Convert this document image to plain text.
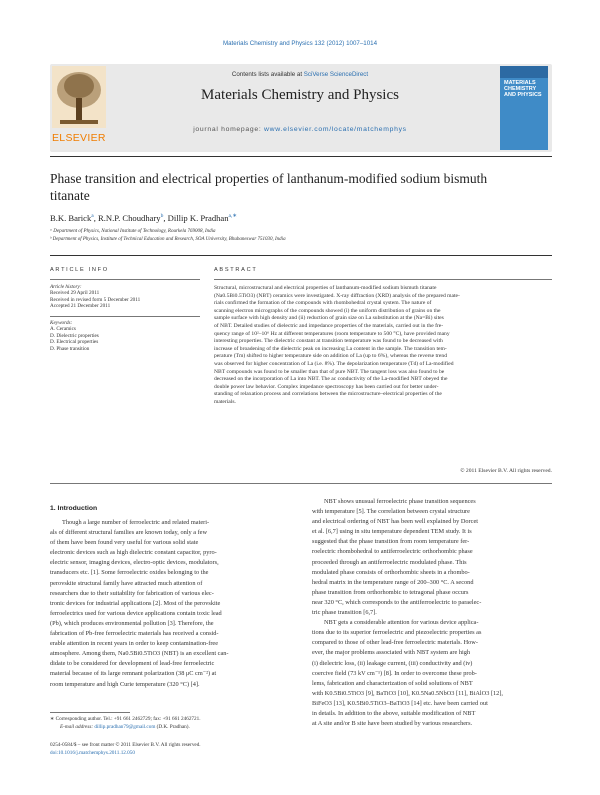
Materials Chemistry and Physics 132 (2012) 1007–1014
ELSEVIER
Contents lists available at SciVerse ScienceDirect
Materials Chemistry and Physics
journal homepage: www.elsevier.com/locate/matchemphys
MATERIALS CHEMISTRY AND PHYSICS
Phase transition and electrical properties of lanthanum-modified sodium bismuth titanate
B.K. Barick$^a$, R.N.P. Choudhary$^b$, Dillip K. Pradhan$^{a,∗}$
ᵃ Department of Physics, National Institute of Technology, Rourkela 769008, India
ᵇ Department of Physics, Institute of Technical Education and Research, SOA University, Bhubaneswar 751030, India
ARTICLE INFO
Article history:
Received 29 April 2011
Received in revised form 5 December 2011
Accepted 21 December 2011
Keywords:
A. Ceramics
D. Dielectric properties
D. Electrical properties
D. Phase transition
ABSTRACT
Structural, microstructural and electrical properties of lanthanum-modified sodium bismuth titanate
(Na0.5Bi0.5TiO3) (NBT) ceramics were investigated. X-ray diffraction (XRD) analysis of the prepared mate-
rials confirmed the formation of the compounds with rhombohedral crystal system. The nature of
scanning electron micrographs of the compounds showed (i) the uniform distribution of grains on the
sample surface with high density and (ii) reduction of grain size on La substitution at the (Na=Bi) sites
of NBT. Detailed studies of dielectric and impedance properties of the materials, carried out in the fre-
quency range of 10²–10⁶ Hz at different temperatures (room temperature to 500 °C), have provided many
interesting properties. The dielectric constant at transition temperature was found to be decreased with
increase of broadening of the dielectric peak on increasing La content in the sample. The transition tem-
perature (Tm) shifted to higher temperature side on addition of La (up to 6%), whereas the reverse trend
was observed for higher concentration of La (i.e. 8%). The depolarization temperature (Td) of La-modified
NBT compounds was found to be smaller than that of pure NBT. The tangent loss was also found to be
decreased on the incorporation of La into NBT. The ac conductivity of the La-modified NBT obeyed the
double power law behavior. Complex impedance spectroscopy has been carried out for better under-
standing of relaxation process and correlations between the microstructure–electrical properties of the
materials.
© 2011 Elsevier B.V. All rights reserved.
1. Introduction
Though a large number of ferroelectric and related materi-
als of different structural families are known today, only a few
of them have been found very useful for various solid state
electronic devices such as high dielectric constant capacitor, pyro-
electric sensor, imaging devices, electro-optic devices, modulators,
transducers etc. [1]. Some ferroelectric oxides belonging to the
perovskite structural family have attracted much attention of
researchers due to their suitability for fabrication of various elec-
tronic devices for industrial applications [2]. Most of the perovskite
ferroelectrics used for various device applications contain toxic lead
(Pb), which produces environmental pollution [3]. Therefore, the
fabrication of Pb-free ferroelectric materials has received a consid-
erable attention in recent years in order to keep contamination-free
atmosphere. Among them, Na0.5Bi0.5TiO3 (NBT) is an excellent can-
didate to be considered for development of lead-free ferroelectric
material because of its large remnant polarization (38 μC cm⁻²) at
room temperature and high Curie temperature (320 °C) [4].
NBT shows unusual ferroelectric phase transition sequences
with temperature [5]. The correlation between crystal structure
and electrical ordering of NBT has been well explained by Dorcet
et al. [6,7] using in situ temperature dependent TEM study. It is
suggested that the phase transition from room temperature fer-
roelectric rhombohedral to antiferroelectric orthorhombic phase
proceeded through an antiferroelectric modulated phase. This
modulated phase consists of orthorhombic sheets in a rhombo-
hedral matrix in the temperature range of 200–300 °C. A second
phase transition from orthorhombic to tetragonal phase occurs
near 320 °C, which corresponds to the antiferroelectric to paraelec-
tric phase transition [6,7].
NBT gets a considerable attention for various device applica-
tions due to its superior ferroelectric and piezoelectric properties as
compared to those of other lead-free ferroelectric materials. How-
ever, the major problems associated with NBT system are high
(i) dielectric loss, (ii) leakage current, (iii) conductivity and (iv)
coercive field (73 kV cm⁻¹) [8]. In order to overcome these prob-
lems, fabrication and characterization of solid solutions of NBT
with K0.5Bi0.5TiO3 [9], BaTiO3 [10], K0.5Na0.5NbO3 [11], BiAlO3 [12],
BiFeO3 [13], K0.5Bi0.5TiO3–BaTiO3 [14] etc. have been carried out
in details. In addition to the above, suitable modification of NBT
at A site and/or B site have been studied by various researchers.
∗ Corresponding author. Tel.: +91 661 2462729; fax: +91 661 2462721.
E-mail address: dillip.pradhan79@gmail.com (D.K. Pradhan).
0254-0584/$ – see front matter © 2011 Elsevier B.V. All rights reserved.
doi:10.1016/j.matchemphys.2011.12.050
